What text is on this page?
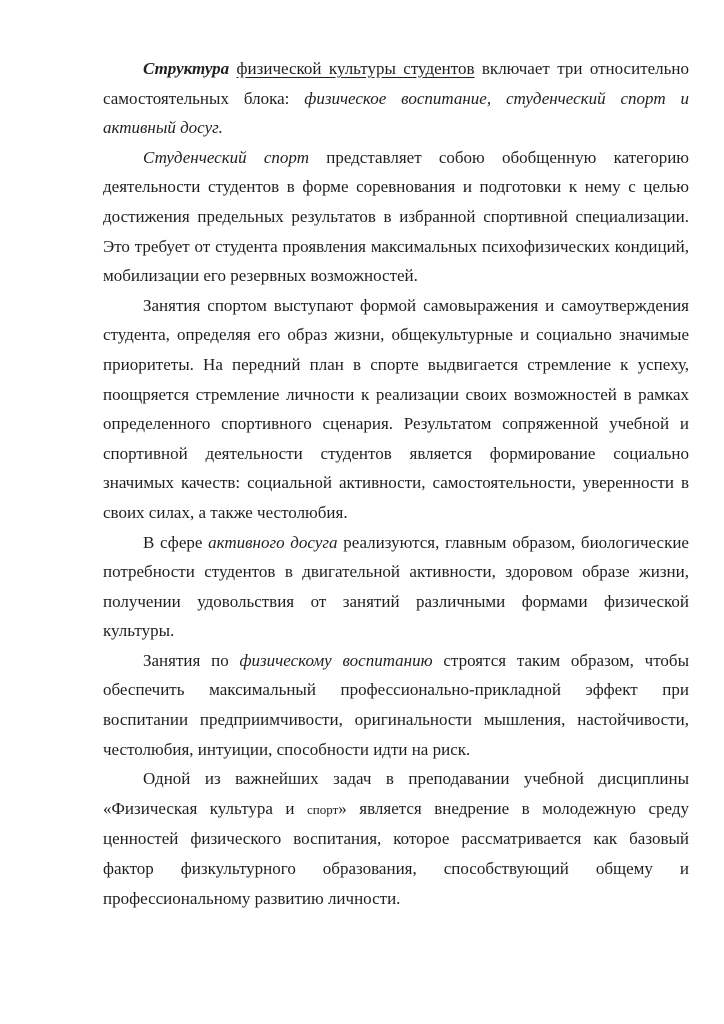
Структура физической культуры студентов включает три относительно самостоятельных блока: физическое воспитание, студенческий спорт и активный досуг.

Студенческий спорт представляет собою обобщенную категорию деятельности студентов в форме соревнования и подготовки к нему с целью достижения предельных результатов в избранной спортивной специализации. Это требует от студента проявления максимальных психофизических кондиций, мобилизации его резервных возможностей.

Занятия спортом выступают формой самовыражения и самоутверждения студента, определяя его образ жизни, общекультурные и социально значимые приоритеты. На передний план в спорте выдвигается стремление к успеху, поощряется стремление личности к реализации своих возможностей в рамках определенного спортивного сценария. Результатом сопряженной учебной и спортивной деятельности студентов является формирование социально значимых качеств: социальной активности, самостоятельности, уверенности в своих силах, а также честолюбия.

В сфере активного досуга реализуются, главным образом, биологические потребности студентов в двигательной активности, здоровом образе жизни, получении удовольствия от занятий различными формами физической культуры.

Занятия по физическому воспитанию строятся таким образом, чтобы обеспечить максимальный профессионально-прикладной эффект при воспитании предприимчивости, оригинальности мышления, настойчивости, честолюбия, интуиции, способности идти на риск.

Одной из важнейших задач в преподавании учебной дисциплины «Физическая культура и спорт» является внедрение в молодежную среду ценностей физического воспитания, которое рассматривается как базовый фактор физкультурного образования, способствующий общему и профессиональному развитию личности.
